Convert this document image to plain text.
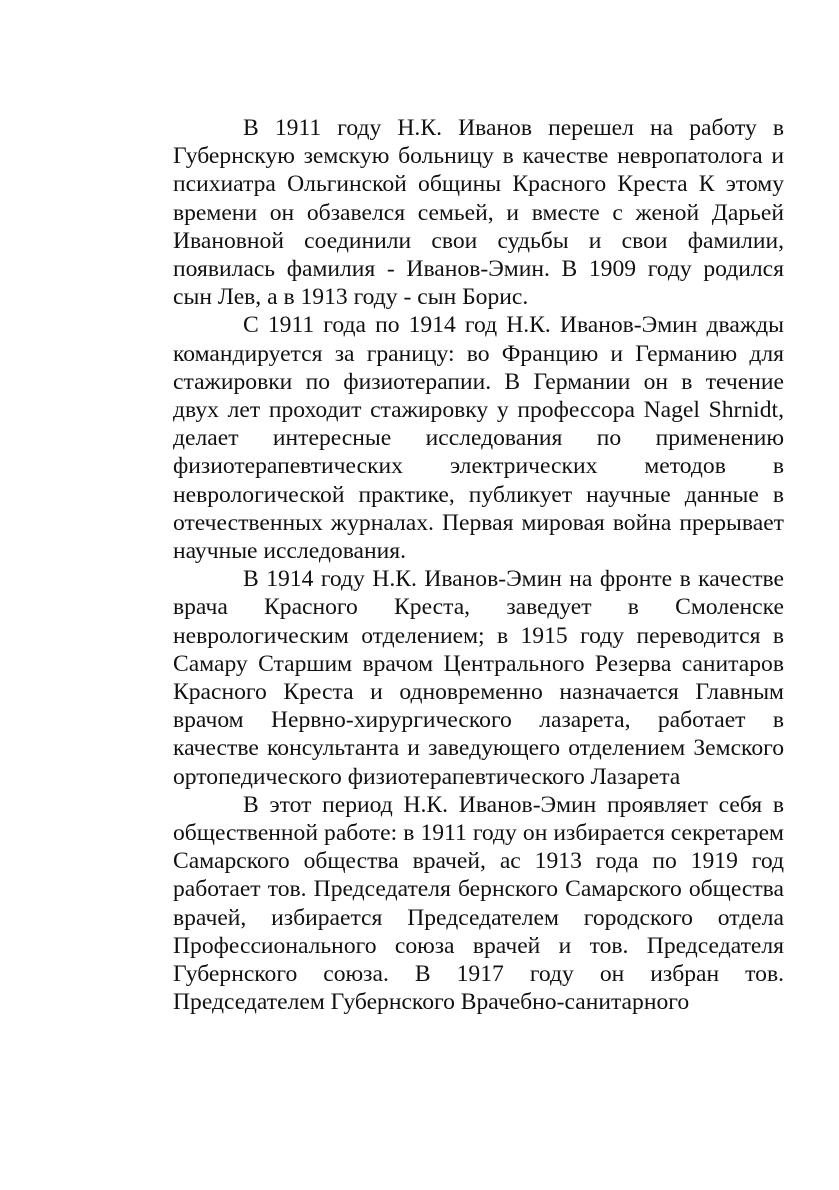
В 1911 году Н.К. Иванов перешел на работу в Губернскую земскую больницу в качестве невропатолога и психиатра Ольгинской общины Красного Креста К этому времени он обзавелся семьей, и вместе с женой Дарьей Ивановной соединили свои судьбы и свои фамилии, появилась фамилия - Иванов-Эмин. В 1909 году родился сын Лев, а в 1913 году - сын Борис.

С 1911 года по 1914 год Н.К. Иванов-Эмин дважды командируется за границу: во Францию и Германию для стажировки по физиотерапии. В Германии он в течение двух лет проходит стажировку у профессора Nagel Shrnidt, делает интересные исследования по применению физиотерапевтических электрических методов в неврологической практике, публикует научные данные в отечественных журналах. Первая мировая война прерывает научные исследования.

В 1914 году Н.К. Иванов-Эмин на фронте в качестве врача Красного Креста, заведует в Смоленске неврологическим отделением; в 1915 году переводится в Самару Старшим врачом Центрального Резерва санитаров Красного Креста и одновременно назначается Главным врачом Нервно-хирургического лазарета, работает в качестве консультанта и заведующего отделением Земского ортопедического физиотерапевтического Лазарета

В этот период Н.К. Иванов-Эмин проявляет себя в общественной работе: в 1911 году он избирается секретарем Самарского общества врачей, ас 1913 года по 1919 год работает тов. Председателя бернского Самарского общества врачей, избирается Председателем городского отдела Профессионального союза врачей и тов. Председателя Губернского союза. В 1917 году он избран тов. Председателем Губернского Врачебно-санитарного
